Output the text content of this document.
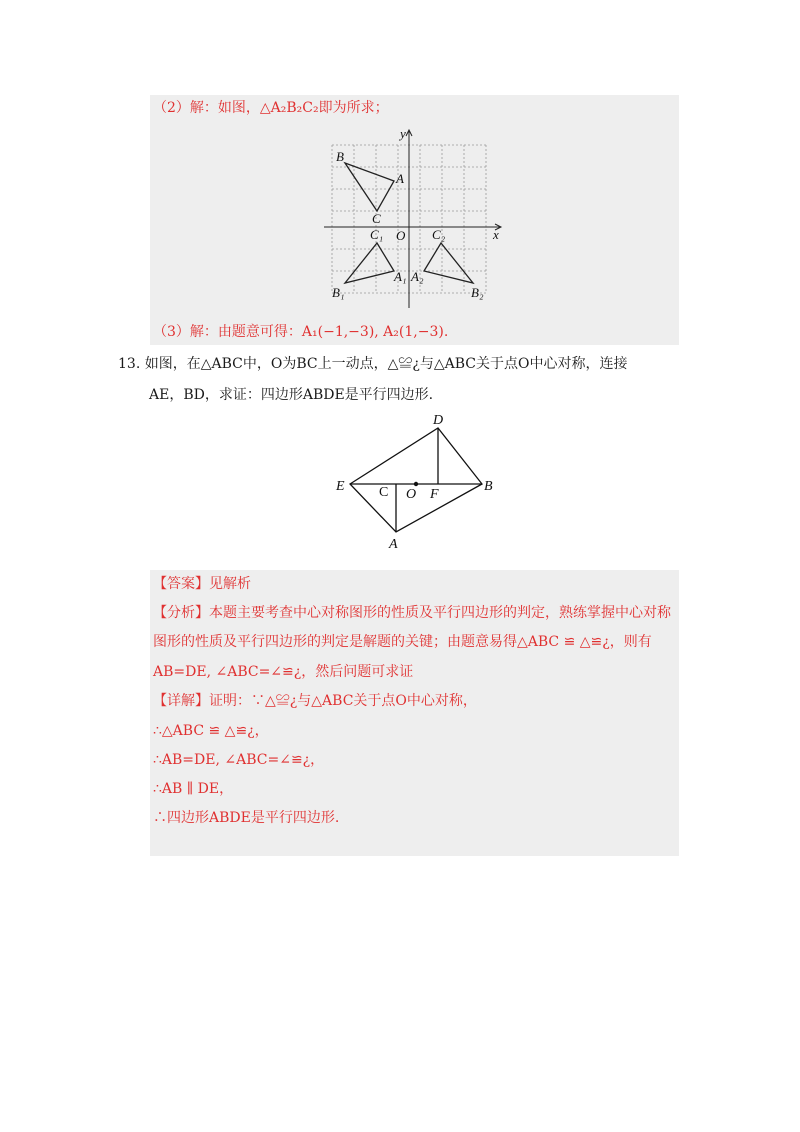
（2）解：如图，△A₂B₂C₂即为所求；
y
x
O
B
A
C
C₁	C₂
A₁ A₂
B₁	B₂
（3）解：由题意可得：A₁(−1,−3), A₂(1,−3).
13. 如图，在△ABC中，O为BC上一动点，△≌¿与△ABC关于点O中心对称，连接
AE，BD，求证：四边形ABDE是平行四边形.
D
E C O F
B
A
【答案】见解析
【分析】本题主要考查中心对称图形的性质及平行四边形的判定，熟练掌握中心对称
图形的性质及平行四边形的判定是解题的关键；由题意易得△ABC ≌ △≌¿，则有
AB=DE, ∠ABC=∠≌¿，然后问题可求证
【详解】证明：∵△≌¿与△ABC关于点O中心对称，
∴△ABC ≌ △≌¿，
∴AB=DE, ∠ABC=∠≌¿，
∴AB ∥ DE，
∴四边形ABDE是平行四边形.
